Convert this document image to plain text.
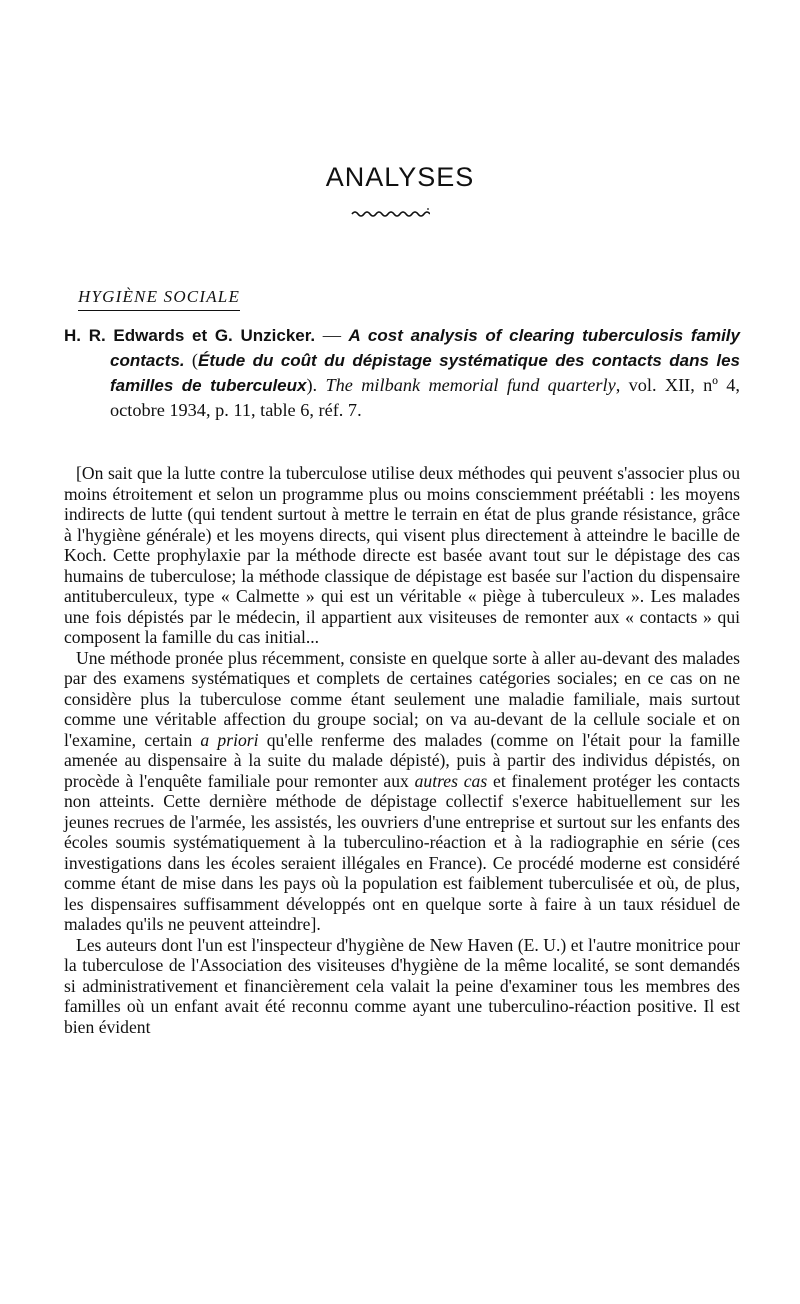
ANALYSES
HYGIÈNE SOCIALE
H. R. Edwards et G. Unzicker. — A cost analysis of clearing tuberculosis family contacts. (Étude du coût du dépistage systématique des contacts dans les familles de tuberculeux). The milbank memorial fund quarterly, vol. XII, nº 4, octobre 1934, p. 11, table 6, réf. 7.

[On sait que la lutte contre la tuberculose utilise deux méthodes qui peuvent s'associer plus ou moins étroitement et selon un programme plus ou moins consciemment préétabli : les moyens indirects de lutte (qui tendent surtout à mettre le terrain en état de plus grande résistance, grâce à l'hygiène générale) et les moyens directs, qui visent plus directement à atteindre le bacille de Koch. Cette prophylaxie par la méthode directe est basée avant tout sur le dépistage des cas humains de tuberculose; la méthode classique de dépistage est basée sur l'action du dispensaire antituberculeux, type « Calmette » qui est un véritable « piège à tuberculeux ». Les malades une fois dépistés par le médecin, il appartient aux visiteuses de remonter aux « contacts » qui composent la famille du cas initial...

Une méthode pronée plus récemment, consiste en quelque sorte à aller au-devant des malades par des examens systématiques et complets de certaines catégories sociales; en ce cas on ne considère plus la tuberculose comme étant seulement une maladie familiale, mais surtout comme une véritable affection du groupe social; on va au-devant de la cellule sociale et on l'examine, certain a priori qu'elle renferme des malades (comme on l'était pour la famille amenée au dispensaire à la suite du malade dépisté), puis à partir des individus dépistés, on procède à l'enquête familiale pour remonter aux autres cas et finalement protéger les contacts non atteints. Cette dernière méthode de dépistage collectif s'exerce habituellement sur les jeunes recrues de l'armée, les assistés, les ouvriers d'une entreprise et surtout sur les enfants des écoles soumis systématiquement à la tuberculino-réaction et à la radiographie en série (ces investigations dans les écoles seraient illégales en France). Ce procédé moderne est considéré comme étant de mise dans les pays où la population est faiblement tuberculisée et où, de plus, les dispensaires suffisamment développés ont en quelque sorte à faire à un taux résiduel de malades qu'ils ne peuvent atteindre].

Les auteurs dont l'un est l'inspecteur d'hygiène de New Haven (E. U.) et l'autre monitrice pour la tuberculose de l'Association des visiteuses d'hygiène de la même localité, se sont demandés si administrativement et financièrement cela valait la peine d'examiner tous les membres des familles où un enfant avait été reconnu comme ayant une tuberculino-réaction positive. Il est bien évident
